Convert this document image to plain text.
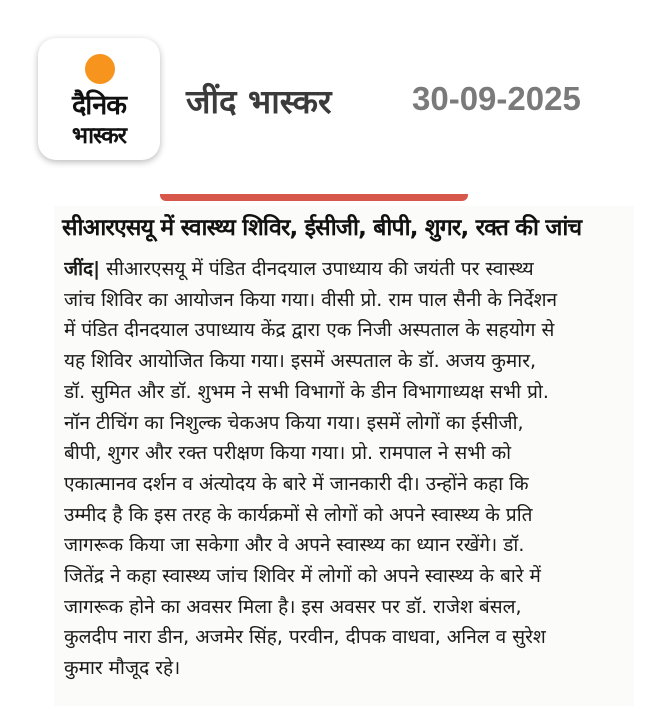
दैनिक
भास्कर
जींद भास्कर 30-09-2025
सीआरएसयू में स्वास्थ्य शिविर, ईसीजी, बीपी, शुगर, रक्त की जांच
जींद| सीआरएसयू में पंडित दीनदयाल उपाध्याय की जयंती पर स्वास्थ्य
जांच शिविर का आयोजन किया गया। वीसी प्रो. राम पाल सैनी के निर्देशन
में पंडित दीनदयाल उपाध्याय केंद्र द्वारा एक निजी अस्पताल के सहयोग से
यह शिविर आयोजित किया गया। इसमें अस्पताल के डॉ. अजय कुमार,
डॉ. सुमित और डॉ. शुभम ने सभी विभागों के डीन विभागाध्यक्ष सभी प्रो.
नॉन टीचिंग का निशुल्क चेकअप किया गया। इसमें लोगों का ईसीजी,
बीपी, शुगर और रक्त परीक्षण किया गया। प्रो. रामपाल ने सभी को
एकात्मानव दर्शन व अंत्योदय के बारे में जानकारी दी। उन्होंने कहा कि
उम्मीद है कि इस तरह के कार्यक्रमों से लोगों को अपने स्वास्थ्य के प्रति
जागरूक किया जा सकेगा और वे अपने स्वास्थ्य का ध्यान रखेंगे। डॉ.
जितेंद्र ने कहा स्वास्थ्य जांच शिविर में लोगों को अपने स्वास्थ्य के बारे में
जागरूक होने का अवसर मिला है। इस अवसर पर डॉ. राजेश बंसल,
कुलदीप नारा डीन, अजमेर सिंह, परवीन, दीपक वाधवा, अनिल व सुरेश
कुमार मौजूद रहे।
